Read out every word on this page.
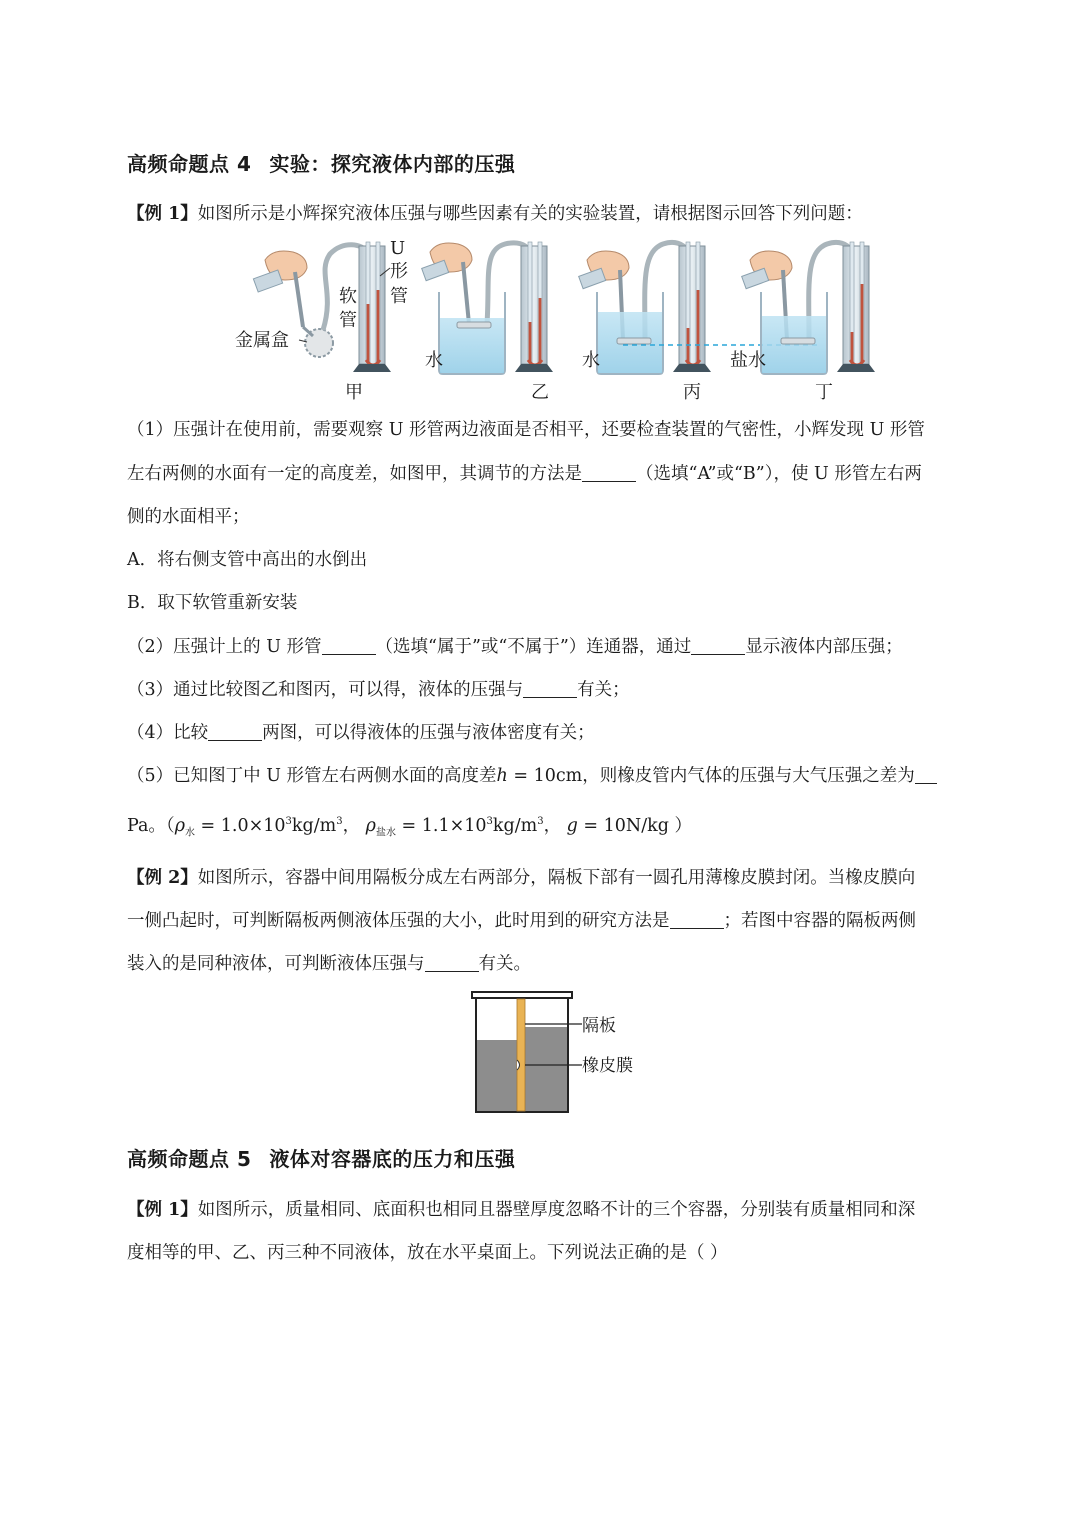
高频命题点 4 实验：探究液体内部的压强
【例 1】如图所示是小辉探究液体压强与哪些因素有关的实验装置，请根据图示回答下列问题：
U
形
管
软
管
金属盒
甲
水
乙
水
丙
盐水
丁
（1）压强计在使用前，需要观察 U 形管两边液面是否相平，还要检查装置的气密性，小辉发现 U 形管
左右两侧的水面有一定的高度差，如图甲，其调节的方法是	（选填“A”或“B”），使 U 形管左右两
侧的水面相平；
A．将右侧支管中高出的水倒出
B．取下软管重新安装
（2）压强计上的 U 形管	（选填“属于”或“不属于”）连通器，通过	显示液体内部压强；
（3）通过比较图乙和图丙，可以得，液体的压强与	有关；
（4）比较	两图，可以得液体的压强与液体密度有关；
（5）已知图丁中 U 形管左右两侧水面的高度差h = 10cm，则橡皮管内气体的压强与大气压强之差为
Pa。（$\rho_水 = 1.0\times 10^3kg/m^3$， $\rho_{盐水} = 1.1\times 10^3kg/m^3$， g = 10N/kg ）
【例 2】如图所示，容器中间用隔板分成左右两部分，隔板下部有一圆孔用薄橡皮膜封闭。当橡皮膜向
一侧凸起时，可判断隔板两侧液体压强的大小，此时用到的研究方法是	；若图中容器的隔板两侧
装入的是同种液体，可判断液体压强与	有关。
隔板
橡皮膜
高频命题点 5 液体对容器底的压力和压强
【例 1】如图所示，质量相同、底面积也相同且器壁厚度忽略不计的三个容器，分别装有质量相同和深
度相等的甲、乙、丙三种不同液体，放在水平桌面上。下列说法正确的是（ ）
